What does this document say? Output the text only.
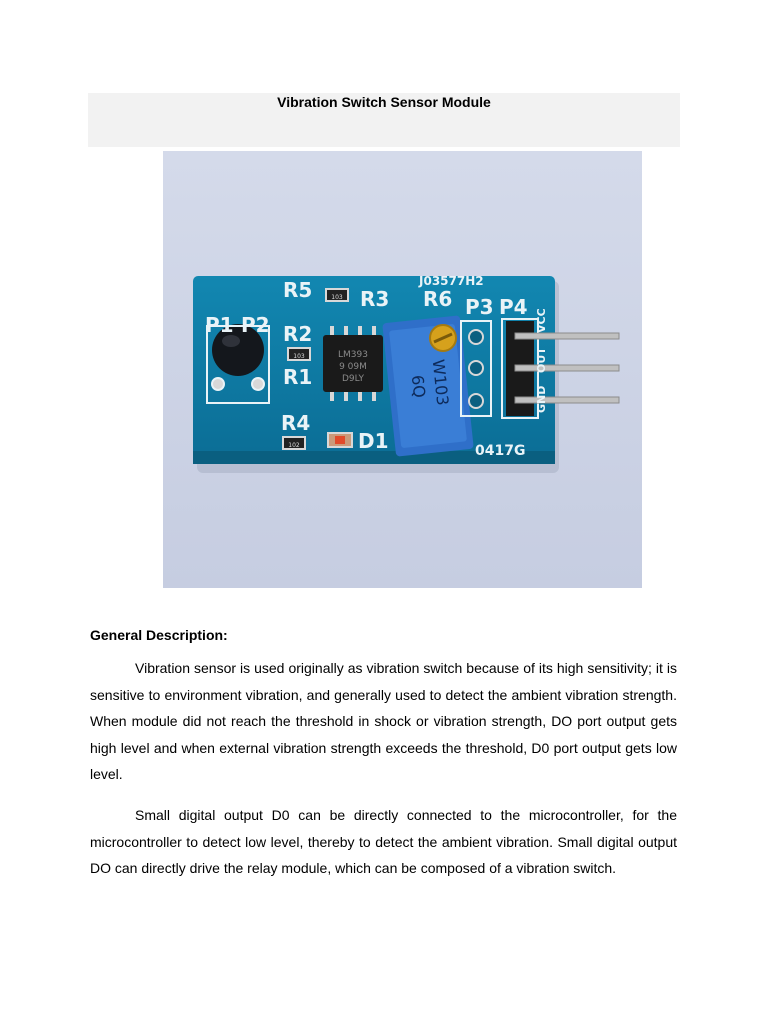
Vibration Switch Sensor Module
103
103
102
LM393
9 09M
D9LY	W103
6Q
J03577H2
R5 R3 R6 P3 P4
P1 P2 R2
R1
R4
D1	0417G
VCC
OUT
GND
General Description:

Vibration sensor is used originally as vibration switch because of its high sensitivity; it is sensitive to environment vibration, and generally used to detect the ambient vibration strength. When module did not reach the threshold in shock or vibration strength, DO port output gets high level and when external vibration strength exceeds the threshold, D0 port output gets low level.

Small digital output D0 can be directly connected to the microcontroller, for the microcontroller to detect low level, thereby to detect the ambient vibration. Small digital output DO can directly drive the relay module, which can be composed of a vibration switch.
